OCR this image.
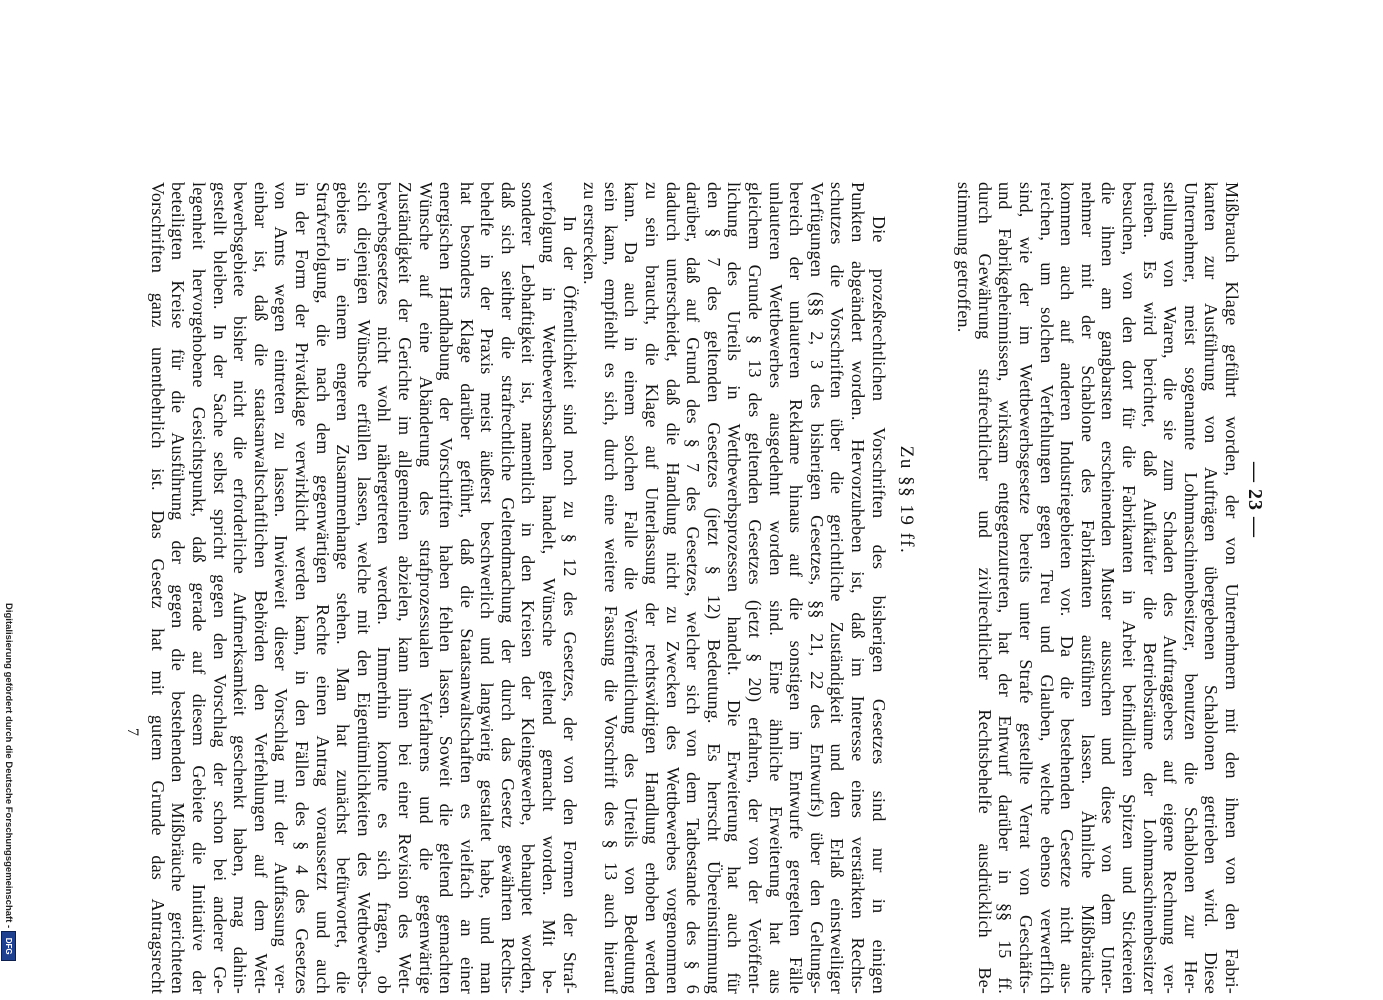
— 23 —
Mißbrauch Klage geführt worden, der von Unternehmern mit den ihnen von den Fabri-
kanten zur Ausführung von Aufträgen übergebenen Schablonen getrieben wird. Diese
Unternehmer, meist sogenannte Lohnmaschinenbesitzer, benutzen die Schablonen zur Her-
stellung von Waren, die sie zum Schaden des Auftraggebers auf eigene Rechnung ver-
treiben. Es wird berichtet, daß Aufkäufer die Betriebsräume der Lohnmaschinenbesitzer
besuchen, von den dort für die Fabrikanten in Arbeit befindlichen Spitzen und Stickereien
die ihnen am gangbarsten erscheinenden Muster aussuchen und diese von dem Unter-
nehmer mit der Schablone des Fabrikanten ausführen lassen. Ähnliche Mißbräuche
kommen auch auf anderen Industriegebieten vor. Da die bestehenden Gesetze nicht aus-
reichen, um solchen Verfehlungen gegen Treu und Glauben, welche ebenso verwerflich
sind, wie der im Wettbewerbsgesetze bereits unter Strafe gestellte Verrat von Geschäfts-
und Fabrikgeheimnissen, wirksam entgegenzutreten, hat der Entwurf darüber in §§ 15 ff.
durch Gewährung strafrechtlicher und zivilrechtlicher Rechtsbehelfe ausdrücklich Be-
stimmung getroffen.
Zu §§ 19 ff.
Die prozeßrechtlichen Vorschriften des bisherigen Gesetzes sind nur in einigen
Punkten abgeändert worden. Hervorzuheben ist, daß im Interesse eines verstärkten Rechts-
schutzes die Vorschriften über die gerichtliche Zuständigkeit und den Erlaß einstweiliger
Verfügungen (§§ 2, 3 des bisherigen Gesetzes, §§ 21, 22 des Entwurfs) über den Geltungs-
bereich der unlauteren Reklame hinaus auf die sonstigen im Entwurfe geregelten Fälle
unlauteren Wettbewerbes ausgedehnt worden sind. Eine ähnliche Erweiterung hat aus
gleichem Grunde § 13 des geltenden Gesetzes (jetzt § 20) erfahren, der von der Veröffent-
lichung des Urteils in Wettbewerbsprozessen handelt. Die Erweiterung hat auch für
den § 7 des geltenden Gesetzes (jetzt § 12) Bedeutung. Es herrscht Übereinstimmung
darüber, daß auf Grund des § 7 des Gesetzes, welcher sich von dem Tatbestande des § 6
dadurch unterscheidet, daß die Handlung nicht zu Zwecken des Wettbewerbes vorgenommen
zu sein braucht, die Klage auf Unterlassung der rechtswidrigen Handlung erhoben werden
kann. Da auch in einem solchen Falle die Veröffentlichung des Urteils von Bedeutung
sein kann, empfiehlt es sich, durch eine weitere Fassung die Vorschrift des § 13 auch hierauf
zu erstrecken.
In der Öffentlichkeit sind noch zu § 12 des Gesetzes, der von den Formen der Straf-
verfolgung in Wettbewerbssachen handelt, Wünsche geltend gemacht worden. Mit be-
sonderer Lebhaftigkeit ist, namentlich in den Kreisen der Kleingewerbe, behauptet worden,
daß sich seither die strafrechtliche Geltendmachung der durch das Gesetz gewährten Rechts-
behelfe in der Praxis meist äußerst beschwerlich und langwierig gestaltet habe, und man
hat besonders Klage darüber geführt, daß die Staatsanwaltschaften es vielfach an einer
energischen Handhabung der Vorschriften haben fehlen lassen. Soweit die geltend gemachten
Wünsche auf eine Abänderung des strafprozessualen Verfahrens und die gegenwärtige
Zuständigkeit der Gerichte im allgemeinen abzielen, kann ihnen bei einer Revision des Wett-
bewerbsgesetzes nicht wohl nähergetreten werden. Immerhin konnte es sich fragen, ob
sich diejenigen Wünsche erfüllen lassen, welche mit den Eigentümlichkeiten des Wettbewerbs-
gebiets in einem engeren Zusammenhange stehen. Man hat zunächst befürwortet, die
Strafverfolgung, die nach dem gegenwärtigen Rechte einen Antrag voraussetzt und auch
in der Form der Privatklage verwirklicht werden kann, in den Fällen des § 4 des Gesetzes
von Amts wegen eintreten zu lassen. Inwieweit dieser Vorschlag mit der Auffassung ver-
einbar ist, daß die staatsanwaltschaftlichen Behörden den Verfehlungen auf dem Wett-
bewerbsgebiete bisher nicht die erforderliche Aufmerksamkeit geschenkt haben, mag dahin-
gestellt bleiben. In der Sache selbst spricht gegen den Vorschlag der schon bei anderer Ge-
legenheit hervorgehobene Gesichtspunkt, daß gerade auf diesem Gebiete die Initiative der
beteiligten Kreise für die Ausführung der gegen die bestehenden Mißbräuche gerichteten
Vorschriften ganz unentbehrlich ist. Das Gesetz hat mit gutem Grunde das Antragsrecht
7
Digitalisierung gefördert durch die Deutsche Forschungsgemeinschaft -
DFG
